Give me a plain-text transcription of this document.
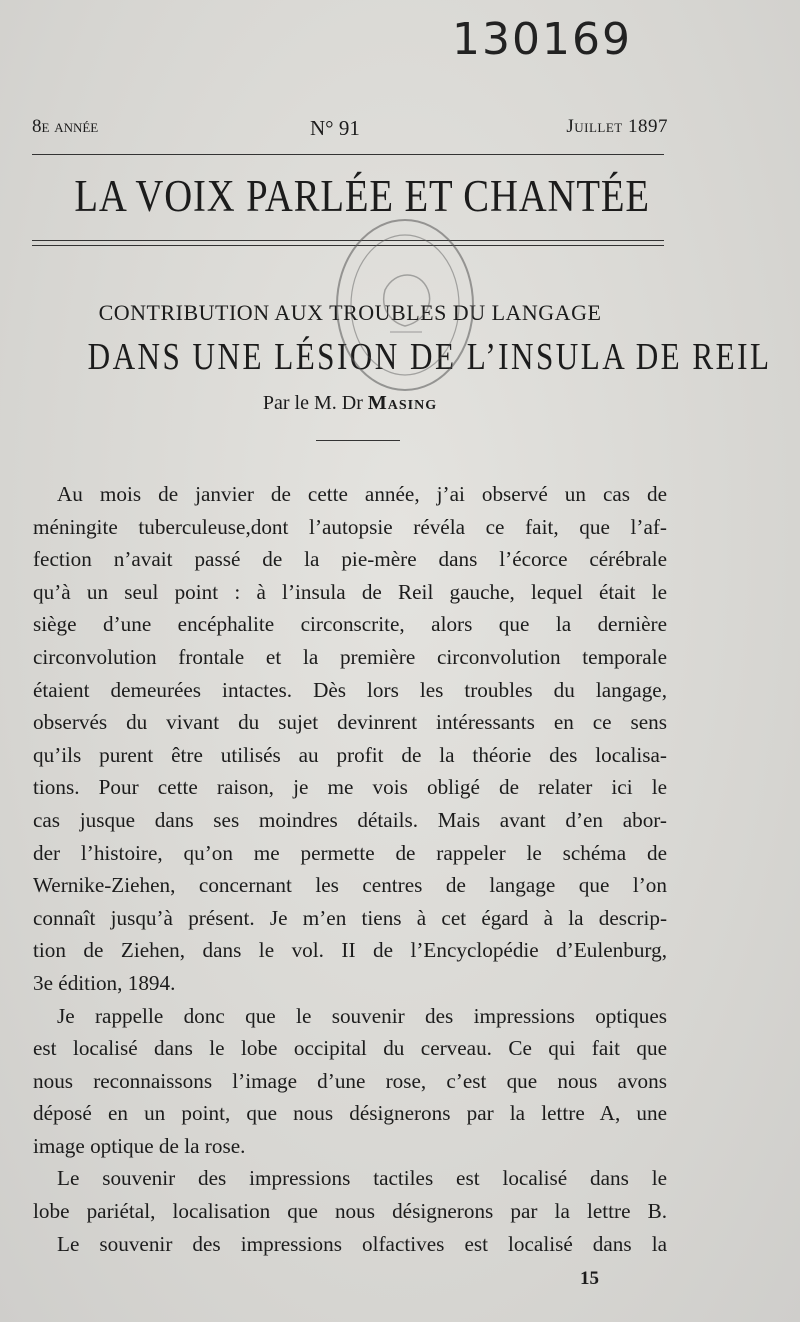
130169

8e année	N° 91	Juillet 1897
LA VOIX PARLÉE ET CHANTÉE
CONTRIBUTION AUX TROUBLES DU LANGAGE
DANS UNE LÉSION DE L’INSULA DE REIL

Par le M. Dr Masing

Au mois de janvier de cette année, j’ai observé un cas de

méningite tuberculeuse,dont l’autopsie révéla ce fait, que l’af-

fection n’avait passé de la pie-mère dans l’écorce cérébrale

qu’à un seul point : à l’insula de Reil gauche, lequel était le

siège d’une encéphalite circonscrite, alors que la dernière

circonvolution frontale et la première circonvolution temporale

étaient demeurées intactes. Dès lors les troubles du langage,

observés du vivant du sujet devinrent intéressants en ce sens

qu’ils purent être utilisés au profit de la théorie des localisa-

tions. Pour cette raison, je me vois obligé de relater ici le

cas jusque dans ses moindres détails. Mais avant d’en abor-

der l’histoire, qu’on me permette de rappeler le schéma de

Wernike-Ziehen, concernant les centres de langage que l’on

connaît jusqu’à présent. Je m’en tiens à cet égard à la descrip-

tion de Ziehen, dans le vol. II de l’Encyclopédie d’Eulenburg,

3e édition, 1894.

Je rappelle donc que le souvenir des impressions optiques

est localisé dans le lobe occipital du cerveau. Ce qui fait que

nous reconnaissons l’image d’une rose, c’est que nous avons

déposé en un point, que nous désignerons par la lettre A, une

image optique de la rose.

Le souvenir des impressions tactiles est localisé dans le

lobe pariétal, localisation que nous désignerons par la lettre B.

Le souvenir des impressions olfactives est localisé dans la

15
